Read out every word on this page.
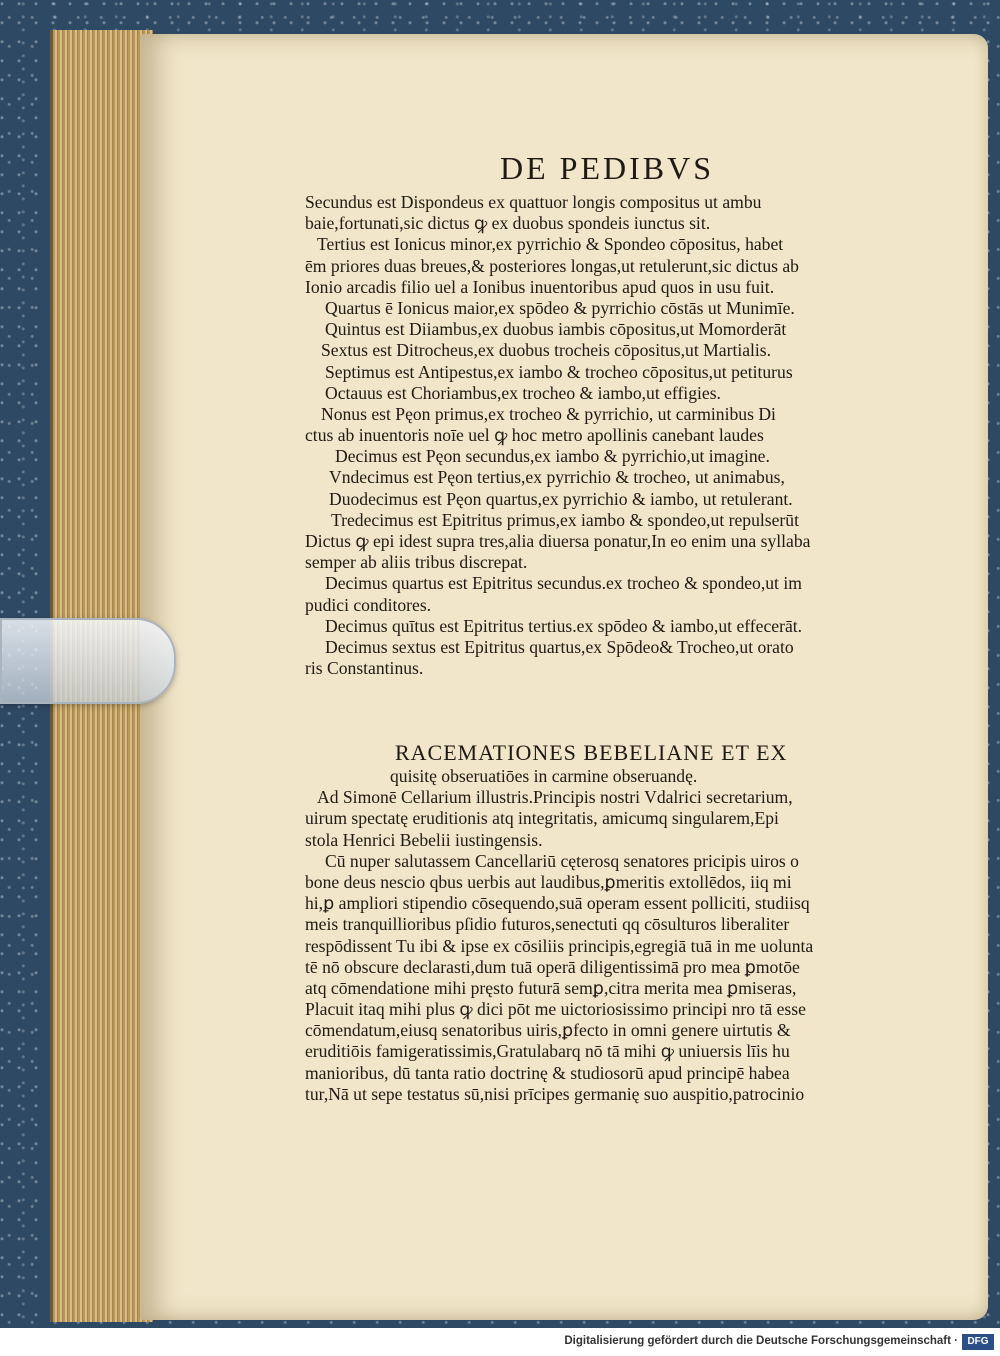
DE PEDIBVS
Secundus est Dispondeus ex quattuor longis compositus ut ambu
baie,fortunati,sic dictus ꝙ ex duobus spondeis iunctus sit.
Tertius est Ionicus minor,ex pyrrichio & Spondeo cōpositus, habet
ēm priores duas breues,& posteriores longas,ut retulerunt,sic dictus ab
Ionio arcadis filio uel a Ionibus inuentoribus apud quos in usu fuit.
Quartus ē Ionicus maior,ex spōdeo & pyrrichio cōstās ut Munimīe.
Quintus est Diiambus,ex duobus iambis cōpositus,ut Momorderāt
Sextus est Ditrocheus,ex duobus trocheis cōpositus,ut Martialis.
Septimus est Antipestus,ex iambo & trocheo cōpositus,ut petiturus
Octauus est Choriambus,ex trocheo & iambo,ut effigies.
Nonus est Pęon primus,ex trocheo & pyrrichio, ut carminibus Di
ctus ab inuentoris noīe uel ꝙ hoc metro apollinis canebant laudes
Decimus est Pęon secundus,ex iambo & pyrrichio,ut imagine.
Vndecimus est Pęon tertius,ex pyrrichio & trocheo, ut animabus,
Duodecimus est Pęon quartus,ex pyrrichio & iambo, ut retulerant.
Tredecimus est Epitritus primus,ex iambo & spondeo,ut repulserūt
Dictus ꝙ epi idest supra tres,alia diuersa ponatur,In eo enim una syllaba
semper ab aliis tribus discrepat.
Decimus quartus est Epitritus secundus.ex trocheo & spondeo,ut im
pudici conditores.
Decimus quītus est Epitritus tertius.ex spōdeo & iambo,ut effecerāt.
Decimus sextus est Epitritus quartus,ex Spōdeo& Trocheo,ut orato
ris Constantinus.
RACEMATIONES BEBELIANE ET EX
quisitę obseruatiōes in carmine obseruandę.
Ad Simonē Cellarium illustris.Principis nostri Vdalrici secretarium,
uirum spectatę eruditionis atq integritatis, amicumq singularem,Epi
stola Henrici Bebelii iustingensis.
Cū nuper salutassem Cancellariū cęterosq senatores pricipis uiros o
bone deus nescio qbus uerbis aut laudibus,ꝑmeritis extollēdos, iiq mi
hi,ꝑ ampliori stipendio cōsequendo,suā operam essent polliciti, studiisq
meis tranquillioribus pſidio futuros,senectuti qq cōsulturos liberaliter
respōdissent Tu ibi & ipse ex cōsiliis principis,egregiā tuā in me uolunta
tē nō obscure declarasti,dum tuā operā diligentissimā pro mea ꝑmotōe
atq cōmendatione mihi pręsto futurā semꝑ,citra merita mea ꝑmiseras,
Placuit itaq mihi plus ꝙ dici pōt me uictoriosissimo principi nro tā esse
cōmendatum,eiusq senatoribus uiris,ꝑfecto in omni genere uirtutis &
eruditiōis famigeratissimis,Gratulabarq nō tā mihi ꝙ uniuersis līis hu
manioribus, dū tanta ratio doctrinę & studiosorū apud principē habea
tur,Nā ut sepe testatus sū,nisi prīcipes germanię suo auspitio,patrocinio
Digitalisierung gefördert durch die Deutsche Forschungsgemeinschaft · DFG
